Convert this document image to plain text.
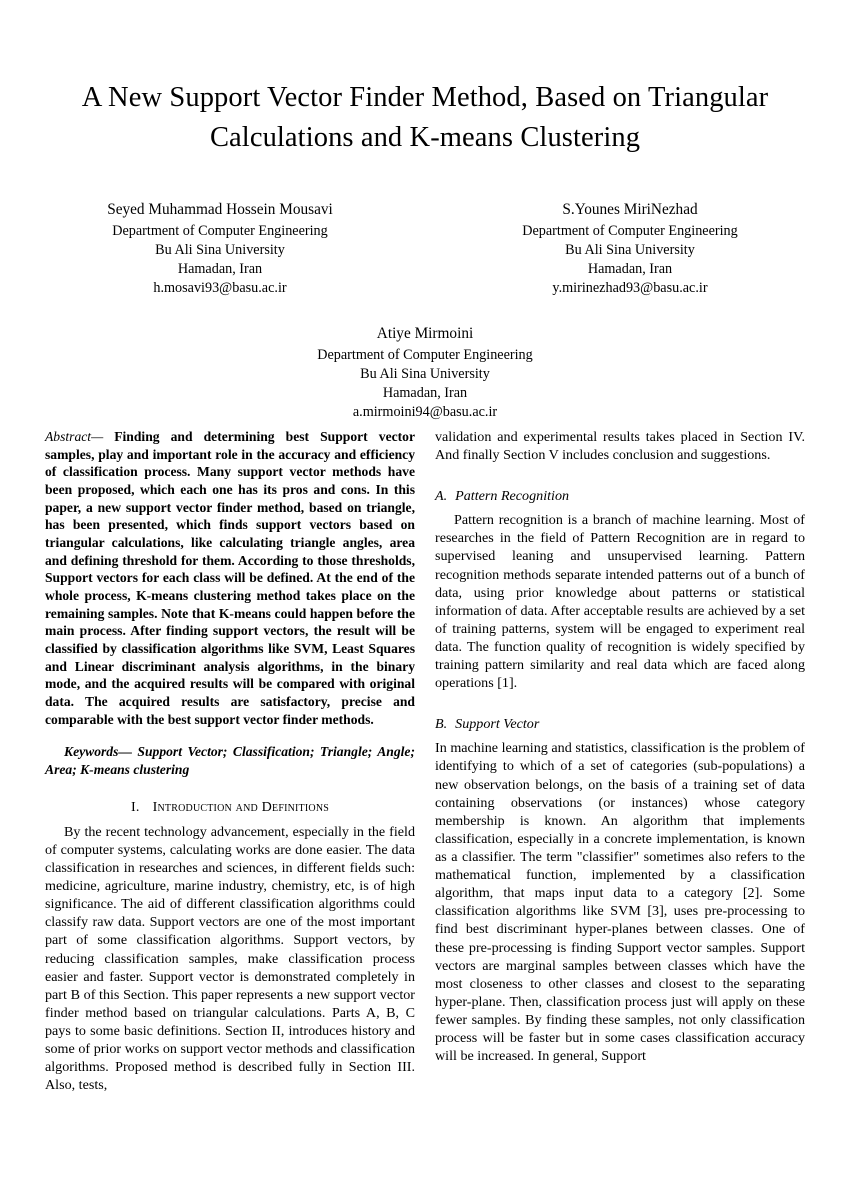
A New Support Vector Finder Method, Based on Triangular Calculations and K-means Clustering
Seyed Muhammad Hossein Mousavi
Department of Computer Engineering
Bu Ali Sina University
Hamadan, Iran
h.mosavi93@basu.ac.ir
S.Younes MiriNezhad
Department of Computer Engineering
Bu Ali Sina University
Hamadan, Iran
y.mirinezhad93@basu.ac.ir
Atiye Mirmoini
Department of Computer Engineering
Bu Ali Sina University
Hamadan, Iran
a.mirmoini94@basu.ac.ir

Abstract— Finding and determining best Support vector samples, play and important role in the accuracy and efficiency of classification process. Many support vector methods have been proposed, which each one has its pros and cons. In this paper, a new support vector finder method, based on triangle, has been presented, which finds support vectors based on triangular calculations, like calculating triangle angles, area and defining threshold for them. According to those thresholds, Support vectors for each class will be defined. At the end of the whole process, K-means clustering method takes place on the remaining samples. Note that K-means could happen before the main process. After finding support vectors, the result will be classified by classification algorithms like SVM, Least Squares and Linear discriminant analysis algorithms, in the binary mode, and the acquired results will be compared with original data. The acquired results are satisfactory, precise and comparable with the best support vector finder methods.

Keywords— Support Vector; Classification; Triangle; Angle; Area; K-means clustering

I. Introduction and Definitions

By the recent technology advancement, especially in the field of computer systems, calculating works are done easier. The data classification in researches and sciences, in different fields such: medicine, agriculture, marine industry, chemistry, etc, is of high significance. The aid of different classification algorithms could classify raw data. Support vectors are one of the most important part of some classification algorithms. Support vectors, by reducing classification samples, make classification process easier and faster. Support vector is demonstrated completely in part B of this Section. This paper represents a new support vector finder method based on triangular calculations. Parts A, B, C pays to some basic definitions. Section II, introduces history and some of prior works on support vector methods and classification algorithms. Proposed method is described fully in Section III. Also, tests,

validation and experimental results takes placed in Section IV. And finally Section V includes conclusion and suggestions.

A. Pattern Recognition

Pattern recognition is a branch of machine learning. Most of researches in the field of Pattern Recognition are in regard to supervised leaning and unsupervised learning. Pattern recognition methods separate intended patterns out of a bunch of data, using prior knowledge about patterns or statistical information of data. After acceptable results are achieved by a set of training patterns, system will be engaged to experiment real data. The function quality of recognition is widely specified by training pattern similarity and real data which are faced along operations [1].

B. Support Vector

In machine learning and statistics, classification is the problem of identifying to which of a set of categories (sub-populations) a new observation belongs, on the basis of a training set of data containing observations (or instances) whose category membership is known. An algorithm that implements classification, especially in a concrete implementation, is known as a classifier. The term "classifier" sometimes also refers to the mathematical function, implemented by a classification algorithm, that maps input data to a category [2]. Some classification algorithms like SVM [3], uses pre-processing to find best discriminant hyper-planes between classes. One of these pre-processing is finding Support vector samples. Support vectors are marginal samples between classes which have the most closeness to other classes and closest to the separating hyper-plane. Then, classification process just will apply on these fewer samples. By finding these samples, not only classification process will be faster but in some cases classification accuracy will be increased. In general, Support
